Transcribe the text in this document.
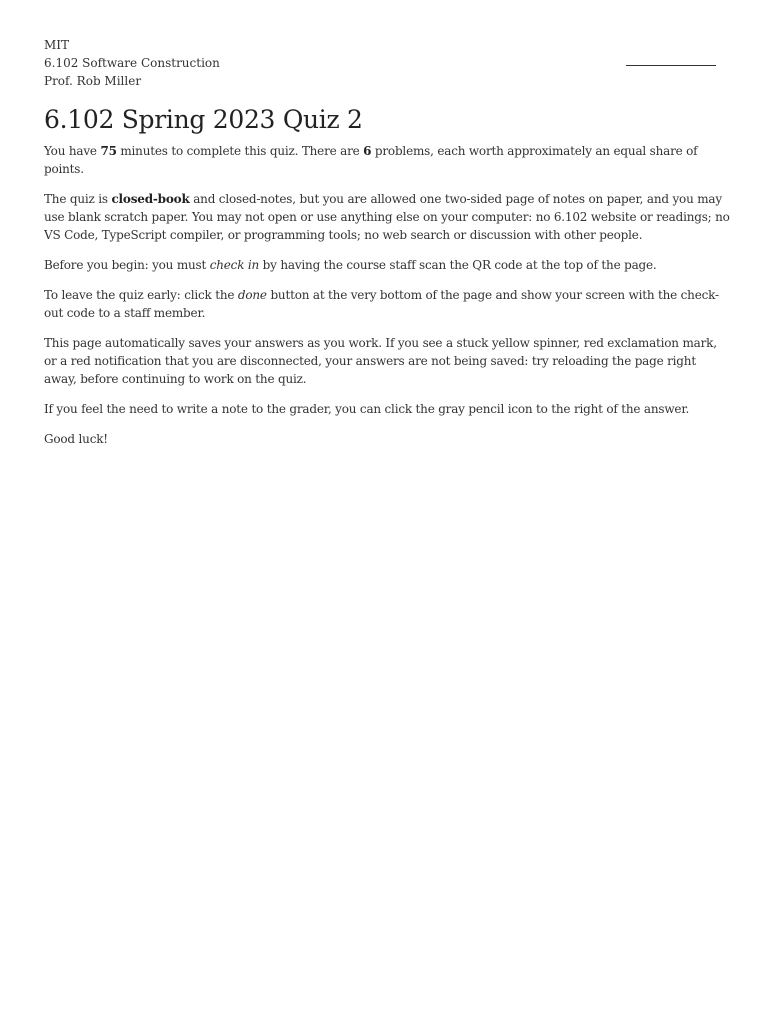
MIT
6.102 Software Construction
Prof. Rob Miller
6.102 Spring 2023 Quiz 2

You have 75 minutes to complete this quiz. There are 6 problems, each worth approximately an equal share of points.

The quiz is closed-book and closed-notes, but you are allowed one two-sided page of notes on paper, and you may use blank scratch paper. You may not open or use anything else on your computer: no 6.102 website or readings; no VS Code, TypeScript compiler, or programming tools; no web search or discussion with other people.

Before you begin: you must check in by having the course staff scan the QR code at the top of the page.

To leave the quiz early: click the done button at the very bottom of the page and show your screen with the check-out code to a staff member.

This page automatically saves your answers as you work. If you see a stuck yellow spinner, red exclamation mark, or a red notification that you are disconnected, your answers are not being saved: try reloading the page right away, before continuing to work on the quiz.

If you feel the need to write a note to the grader, you can click the gray pencil icon to the right of the answer.

Good luck!
